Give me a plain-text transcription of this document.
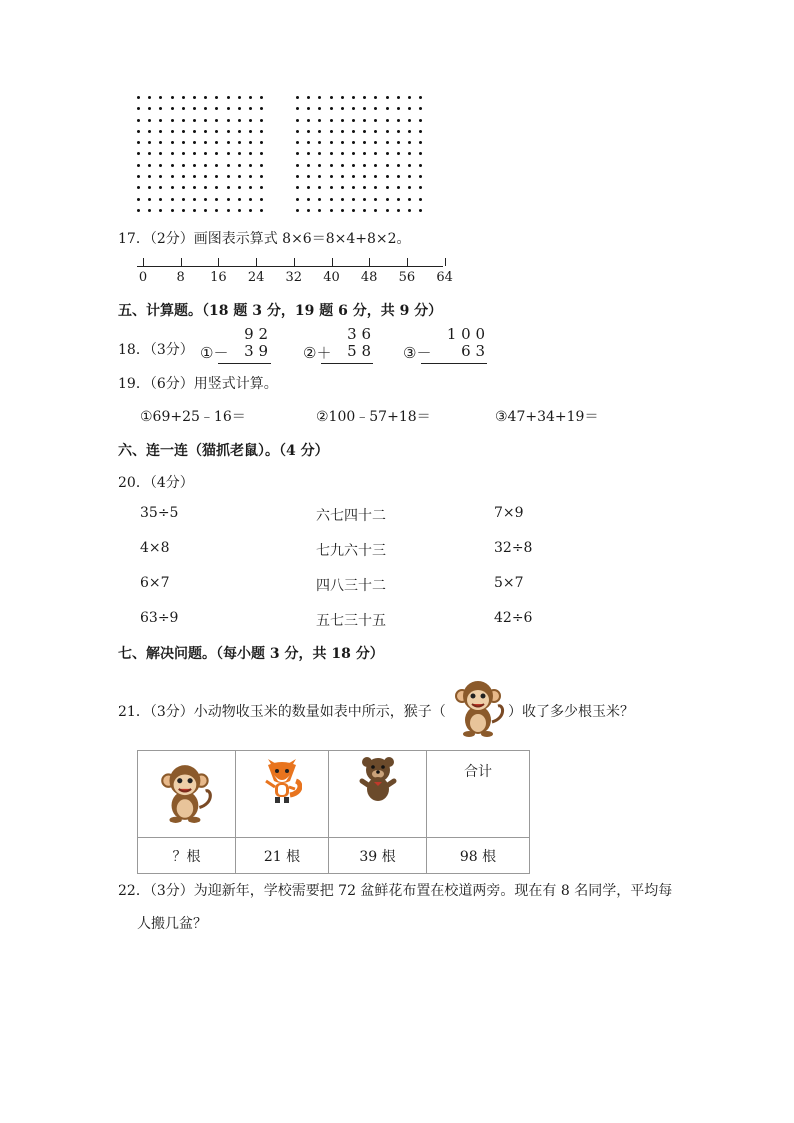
17．（2分）画图表示算式 8×6＝8×4+8×2。
0 8 16 24 32 40 48 56 64
五、计算题。（18 题 3 分，19 题 6 分，共 9 分）
18．（3分）
9 2
①－ 3 9
3 6
②＋ 5 8
1 0 0
③－ 6 3
19．（6分）用竖式计算。
①69+25﹣16＝	②100﹣57+18＝	③47+34+19＝
六、连一连（猫抓老鼠）。（4 分）
20．（4分）
35÷5
4×8
6×7
63÷9
六七四十二
七九六十三
四八三十二
五七三十五
7×9
32÷8
5×7
42÷6
七、解决问题。（每小题 3 分，共 18 分）
21．（3分）小动物收玉米的数量如表中所示，猴子（	）收了多少根玉米？
			合计
？根	21 根	39 根	98 根
22．（3分）为迎新年，学校需要把 72 盆鲜花布置在校道两旁。现在有 8 名同学，平均每
人搬几盆？
